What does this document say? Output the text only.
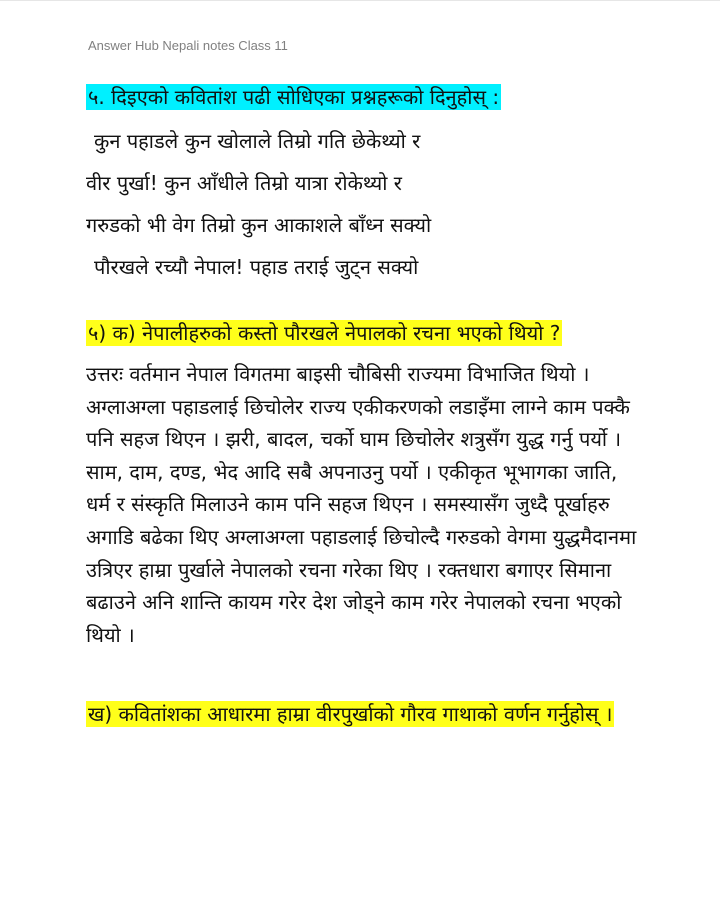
Answer Hub Nepali notes Class 11
५. दिइएको कवितांश पढी सोधिएका प्रश्नहरूको दिनुहोस् :
कुन पहाडले कुन खोलाले तिम्रो गति छेकेथ्यो र
वीर पुर्खा! कुन आँधीले तिम्रो यात्रा रोकेथ्यो र
गरुडको भी वेग तिम्रो कुन आकाशले बाँध्न सक्यो
पौरखले रच्यौ नेपाल! पहाड तराई जुट्न सक्यो
५) क) नेपालीहरुको कस्तो पौरखले नेपालको रचना भएको थियो ?
उत्तरः वर्तमान नेपाल विगतमा बाइसी चौबिसी राज्यमा विभाजित थियो । अग्लाअग्ला पहाडलाई छिचोलेर राज्य एकीकरणको लडाइँमा लाग्ने काम पक्कै पनि सहज थिएन । झरी, बादल, चर्को घाम छिचोलेर शत्रुसँग युद्ध गर्नु पर्यो । साम, दाम, दण्ड, भेद आदि सबै अपनाउनु पर्यो । एकीकृत भूभागका जाति, धर्म र संस्कृति मिलाउने काम पनि सहज थिएन । समस्यासँग जुध्दै पूर्खाहरु अगाडि बढेका थिए अग्लाअग्ला पहाडलाई छिचोल्दै गरुडको वेगमा युद्धमैदानमा उत्रिएर हाम्रा पुर्खाले नेपालको रचना गरेका थिए । रक्तधारा बगाएर सिमाना बढाउने अनि शान्ति कायम गरेर देश जोड्ने काम गरेर नेपालको रचना भएको थियो ।
ख) कवितांशका आधारमा हाम्रा वीरपुर्खाको गौरव गाथाको वर्णन गर्नुहोस् ।
